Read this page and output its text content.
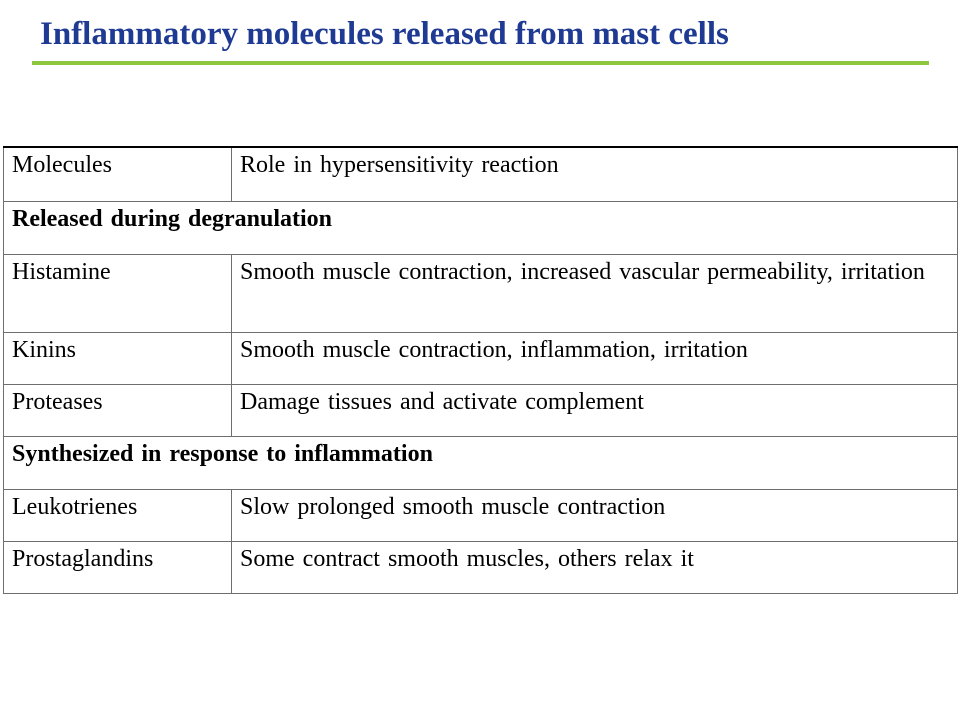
Inflammatory molecules released from mast cells
Molecules	Role in hypersensitivity reaction
Released during degranulation	
Histamine	Smooth muscle contraction, increased vascular permeability, irritation
Kinins	Smooth muscle contraction, inflammation, irritation
Proteases	Damage tissues and activate complement
Synthesized in response to inflammation	
Leukotrienes	Slow prolonged smooth muscle contraction
Prostaglandins	Some contract smooth muscles, others relax it
